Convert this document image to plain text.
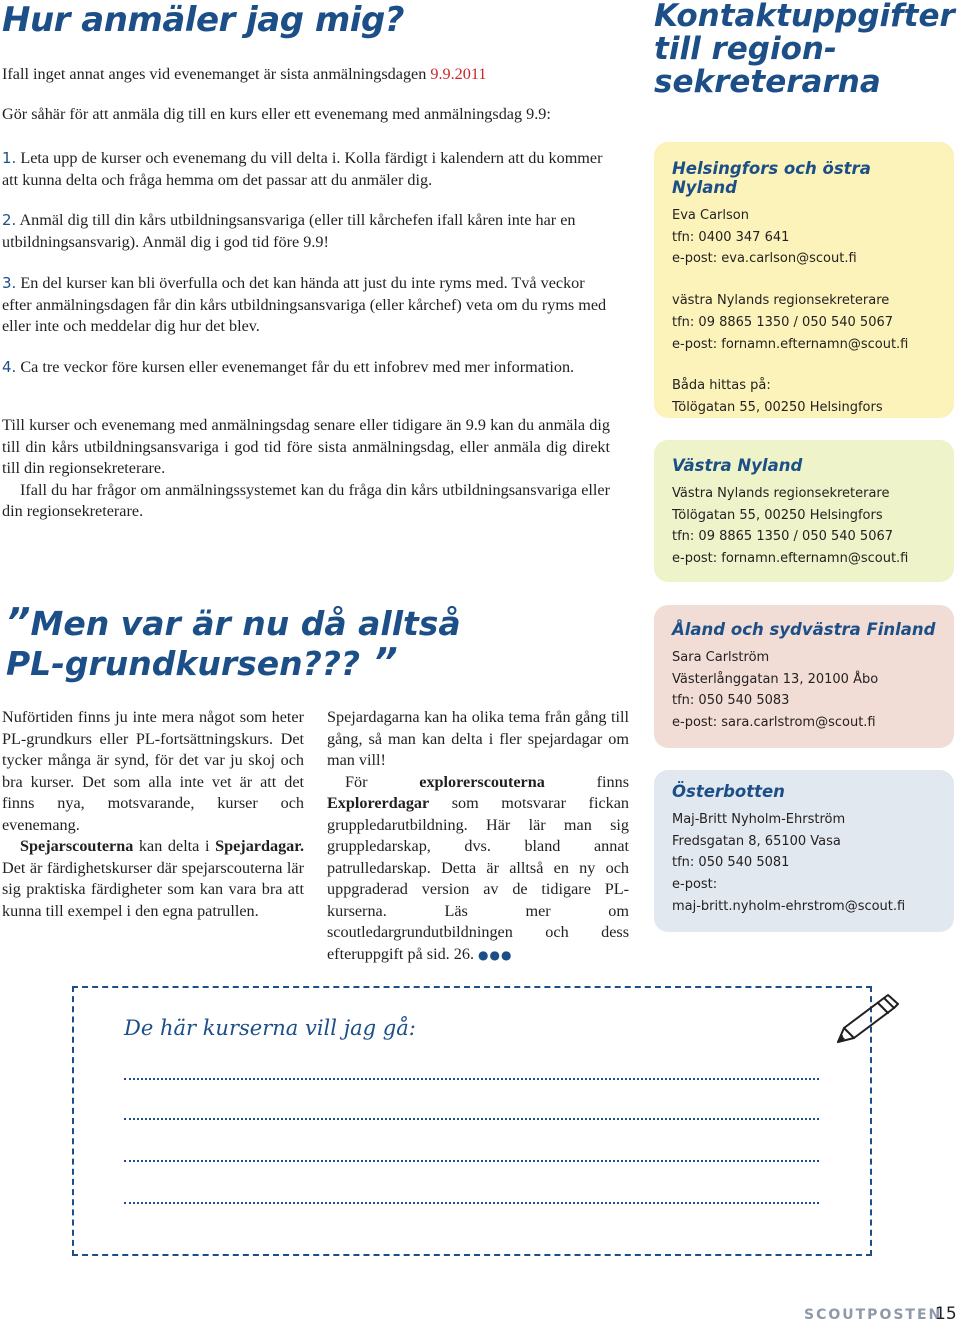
Hur anmäler jag mig?
Ifall inget annat anges vid evenemanget är sista anmälningsdagen 9.9.2011
Gör såhär för att anmäla dig till en kurs eller ett evenemang med anmälningsdag 9.9:
1. Leta upp de kurser och evenemang du vill delta i. Kolla färdigt i kalendern att du kommer att kunna delta och fråga hemma om det passar att du anmäler dig.
2. Anmäl dig till din kårs utbildningsansvariga (eller till kårchefen ifall kåren inte har en utbildningsansvarig). Anmäl dig i god tid före 9.9!
3. En del kurser kan bli överfulla och det kan hända att just du inte ryms med. Två veckor efter anmälningsdagen får din kårs utbildningsansvariga (eller kårchef) veta om du ryms med eller inte och meddelar dig hur det blev.
4. Ca tre veckor före kursen eller evenemanget får du ett infobrev med mer information.
Till kurser och evenemang med anmälningsdag senare eller tidigare än 9.9 kan du anmäla dig till din kårs utbildningsansvariga i god tid före sista anmälningsdag, eller anmäla dig direkt till din regionsekreterare.
Ifall du har frågor om anmälningssystemet kan du fråga din kårs utbildningsansvariga eller din regionsekreterare.
”Men var är nu då alltså
PL-grundkursen??? ”
Nuförtiden finns ju inte mera något som heter PL-grundkurs eller PL-fortsättningskurs. Det tycker många är synd, för det var ju skoj och bra kurser. Det som alla inte vet är att det finns nya, motsvarande, kurser och evenemang.
Spejarscouterna kan delta i Spejardagar. Det är färdighetskurser där spejarscouterna lär sig praktiska färdigheter som kan vara bra att kunna till exempel i den egna patrullen.
Spejardagarna kan ha olika tema från gång till gång, så man kan delta i fler spejardagar om man vill!
För explorerscouterna finns Explorerdagar som motsvarar fickan gruppledarutbildning. Här lär man sig gruppledarskap, dvs. bland annat patrulledarskap. Detta är alltså en ny och uppgraderad version av de tidigare PL-kurserna. Läs mer om scoutledargrundutbildningen och dess efteruppgift på sid. 26. ●●●
Kontaktuppgifter
till region-
sekreterarna
Helsingfors och östra Nyland
Eva Carlson
tfn: 0400 347 641
e-post: eva.carlson@scout.fi
västra Nylands regionsekreterare
tfn: 09 8865 1350 / 050 540 5067
e-post: fornamn.efternamn@scout.fi
Båda hittas på:
Tölögatan 55, 00250 Helsingfors
Västra Nyland
Västra Nylands regionsekreterare
Tölögatan 55, 00250 Helsingfors
tfn: 09 8865 1350 / 050 540 5067
e-post: fornamn.efternamn@scout.fi
Åland och sydvästra Finland
Sara Carlström
Västerlånggatan 13, 20100 Åbo
tfn: 050 540 5083
e-post: sara.carlstrom@scout.fi
Österbotten
Maj-Britt Nyholm-Ehrström
Fredsgatan 8, 65100 Vasa
tfn: 050 540 5081
e-post:
maj-britt.nyholm-ehrstrom@scout.fi
De här kurserna vill jag gå:
SCOUTPOSTEN
15
